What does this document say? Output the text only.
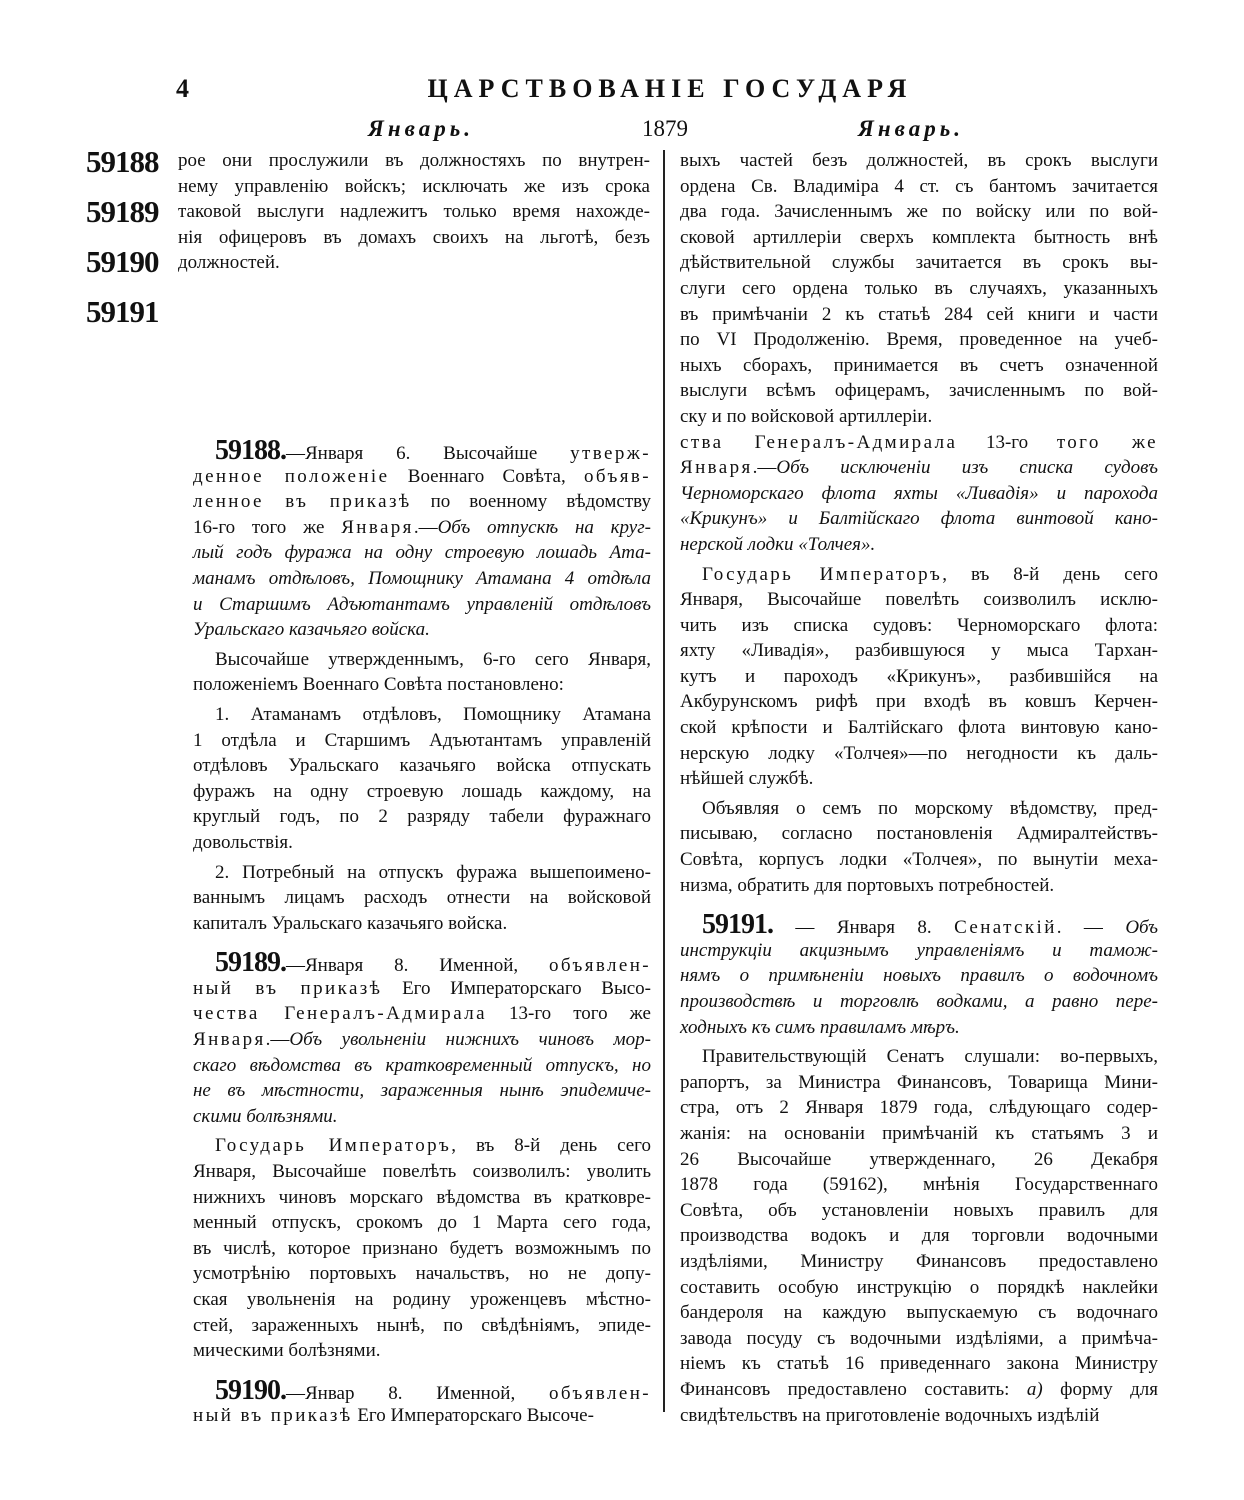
4	ЦАРСТВОВАНІЕ ГОСУДАРЯ
Январь.	1879	Январь.
59188
59189
59190
59191
рое они прослужили въ должностяхъ по внутрен-
нему управленію войскъ; исключать же изъ срока
таковой выслуги надлежитъ только время нахожде-
нія офицеровъ въ домахъ своихъ на льготѣ, безъ
должностей.
59188.—Января 6. Высочайше утверж-
денное положеніе Военнаго Совѣта, объяв-
ленное въ приказѣ по военному вѣдомству
16-го того же Января.—Объ отпускѣ на круг-
лый годъ фуража на одну строевую лошадь Ата-
манамъ отдѣловъ, Помощнику Атамана 4 отдѣла
и Старшимъ Адъютантамъ управленій отдѣловъ
Уральскаго казачьяго войска.
Высочайше утвержденнымъ, 6-го сего Января,
положеніемъ Военнаго Совѣта постановлено:
1. Атаманамъ отдѣловъ, Помощнику Атамана
1 отдѣла и Старшимъ Адъютантамъ управленій
отдѣловъ Уральскаго казачьяго войска отпускать
фуражъ на одну строевую лошадь каждому, на
круглый годъ, по 2 разряду табели фуражнаго
довольствія.
2. Потребный на отпускъ фуража вышепоимено-
ваннымъ лицамъ расходъ отнести на войсковой
капиталъ Уральскаго казачьяго войска.
59189.—Января 8. Именной, объявлен-
ный въ приказѣ Его Императорскаго Высо-
чества Генералъ-Адмирала 13-го того же
Января.—Объ увольненіи нижнихъ чиновъ мор-
скаго вѣдомства въ кратковременный отпускъ, но
не въ мѣстности, зараженныя нынѣ эпидемиче-
скими болѣзнями.
Государь Императоръ, въ 8-й день сего
Января, Высочайше повелѣть соизволилъ: уволить
нижнихъ чиновъ морскаго вѣдомства въ кратковре-
менный отпускъ, срокомъ до 1 Марта сего года,
въ числѣ, которое признано будетъ возможнымъ по
усмотрѣнію портовыхъ начальствъ, но не допу-
ская увольненія на родину уроженцевъ мѣстно-
стей, зараженныхъ нынѣ, по свѣдѣніямъ, эпиде-
мическими болѣзнями.
59190.—Январ 8. Именной, объявлен-
ный въ приказѣ Его Императорскаго Высоче-
выхъ частей безъ должностей, въ срокъ выслуги
ордена Св. Владиміра 4 ст. съ бантомъ зачитается
два года. Зачисленнымъ же по войску или по вой-
сковой артиллеріи сверхъ комплекта бытность внѣ
дѣйствительной службы зачитается въ срокъ вы-
слуги сего ордена только въ случаяхъ, указанныхъ
въ примѣчаніи 2 къ статьѣ 284 сей книги и части
по VI Продолженію. Время, проведенное на учеб-
ныхъ сборахъ, принимается въ счетъ означенной
выслуги всѣмъ офицерамъ, зачисленнымъ по вой-
ску и по войсковой артиллеріи.
ства Генералъ-Адмирала 13-го того же
Января.—Объ исключеніи изъ списка судовъ
Черноморскаго флота яхты «Ливадія» и парохода
«Крикунъ» и Балтійскаго флота винтовой кано-
нерской лодки «Толчея».
Государь Императоръ, въ 8-й день сего
Января, Высочайше повелѣть соизволилъ исклю-
чить изъ списка судовъ: Черноморскаго флота:
яхту «Ливадія», разбившуюся у мыса Тархан-
кутъ и пароходъ «Крикунъ», разбившійся на
Акбурунскомъ рифѣ при входѣ въ ковшъ Керчен-
ской крѣпости и Балтійскаго флота винтовую кано-
нерскую лодку «Толчея»—по негодности къ даль-
нѣйшей службѣ.
Объявляя о семъ по морскому вѣдомству, пред-
писываю, согласно постановленія Адмиралтействъ-
Совѣта, корпусъ лодки «Толчея», по вынутіи меха-
низма, обратить для портовыхъ потребностей.
59191. — Января 8. Сенатскій. — Объ
инструкціи акцизнымъ управленіямъ и тамож-
нямъ о примѣненіи новыхъ правилъ о водочномъ
производствѣ и торговлѣ водками, а равно пере-
ходныхъ къ симъ правиламъ мѣръ.
Правительствующій Сенатъ слушали: во-первыхъ,
рапортъ, за Министра Финансовъ, Товарища Мини-
стра, отъ 2 Января 1879 года, слѣдующаго содер-
жанія: на основаніи примѣчаній къ статьямъ 3 и
26 Высочайше утвержденнаго, 26 Декабря
1878 года (59162), мнѣнія Государственнаго
Совѣта, объ установленіи новыхъ правилъ для
производства водокъ и для торговли водочными
издѣліями, Министру Финансовъ предоставлено
составить особую инструкцію о порядкѣ наклейки
бандероля на каждую выпускаемую съ водочнаго
завода посуду съ водочными издѣліями, а примѣча-
ніемъ къ статьѣ 16 приведеннаго закона Министру
Финансовъ предоставлено составить: а) форму для
свидѣтельствъ на приготовленіе водочныхъ издѣлій
